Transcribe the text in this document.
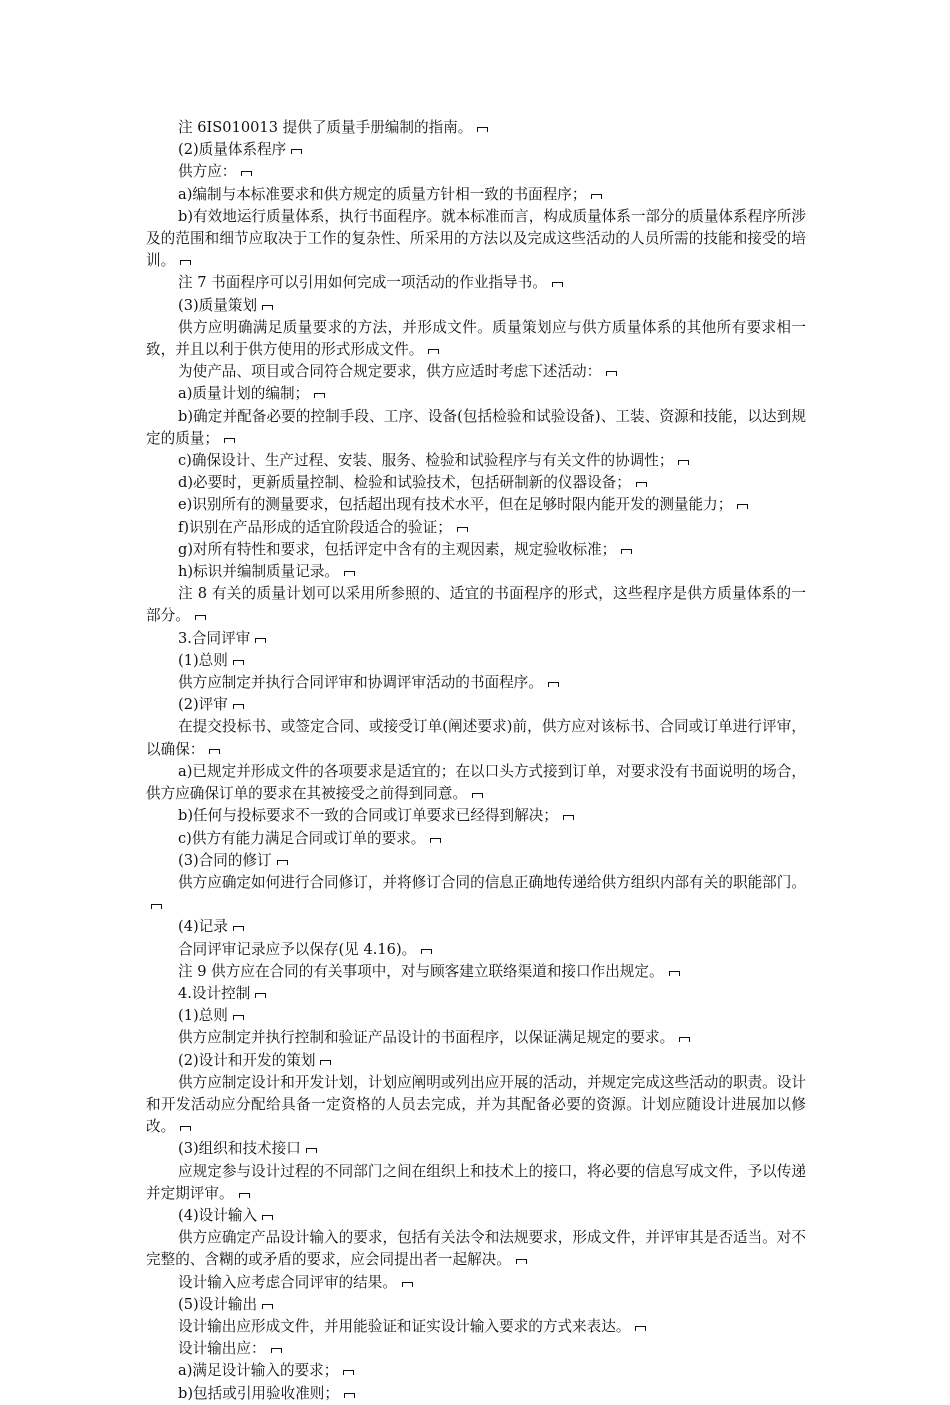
注 6IS010013 提供了质量手册编制的指南。

(2)质量体系程序

供方应：

a)编制与本标准要求和供方规定的质量方针相一致的书面程序；

b)有效地运行质量体系，执行书面程序。就本标准而言，构成质量体系一部分的质量体系程序所涉及的范围和细节应取决于工作的复杂性、所采用的方法以及完成这些活动的人员所需的技能和接受的培训。

注 7 书面程序可以引用如何完成一项活动的作业指导书。

(3)质量策划

供方应明确满足质量要求的方法，并形成文件。质量策划应与供方质量体系的其他所有要求相一致，并且以利于供方使用的形式形成文件。

为使产品、项目或合同符合规定要求，供方应适时考虑下述活动：

a)质量计划的编制；

b)确定并配备必要的控制手段、工序、设备(包括检验和试验设备)、工装、资源和技能，以达到规定的质量；

c)确保设计、生产过程、安装、服务、检验和试验程序与有关文件的协调性；

d)必要时，更新质量控制、检验和试验技术，包括研制新的仪器设备；

e)识别所有的测量要求，包括超出现有技术水平，但在足够时限内能开发的测量能力；

f)识别在产品形成的适宜阶段适合的验证；

g)对所有特性和要求，包括评定中含有的主观因素，规定验收标准；

h)标识并编制质量记录。

注 8 有关的质量计划可以采用所参照的、适宜的书面程序的形式，这些程序是供方质量体系的一部分。

3.合同评审

(1)总则

供方应制定并执行合同评审和协调评审活动的书面程序。

(2)评审

在提交投标书、或签定合同、或接受订单(阐述要求)前，供方应对该标书、合同或订单进行评审，以确保：

a)已规定并形成文件的各项要求是适宜的；在以口头方式接到订单，对要求没有书面说明的场合，供方应确保订单的要求在其被接受之前得到同意。

b)任何与投标要求不一致的合同或订单要求已经得到解决；

c)供方有能力满足合同或订单的要求。

(3)合同的修订

供方应确定如何进行合同修订，并将修订合同的信息正确地传递给供方组织内部有关的职能部门。

(4)记录

合同评审记录应予以保存(见 4.16)。

注 9 供方应在合同的有关事项中，对与顾客建立联络渠道和接口作出规定。

4.设计控制

(1)总则

供方应制定并执行控制和验证产品设计的书面程序，以保证满足规定的要求。

(2)设计和开发的策划

供方应制定设计和开发计划，计划应阐明或列出应开展的活动，并规定完成这些活动的职责。设计和开发活动应分配给具备一定资格的人员去完成，并为其配备必要的资源。计划应随设计进展加以修改。

(3)组织和技术接口

应规定参与设计过程的不同部门之间在组织上和技术上的接口，将必要的信息写成文件，予以传递并定期评审。

(4)设计输入

供方应确定产品设计输入的要求，包括有关法令和法规要求，形成文件，并评审其是否适当。对不完整的、含糊的或矛盾的要求，应会同提出者一起解决。

设计输入应考虑合同评审的结果。

(5)设计输出

设计输出应形成文件，并用能验证和证实设计输入要求的方式来表达。

设计输出应：

a)满足设计输入的要求；

b)包括或引用验收准则；
